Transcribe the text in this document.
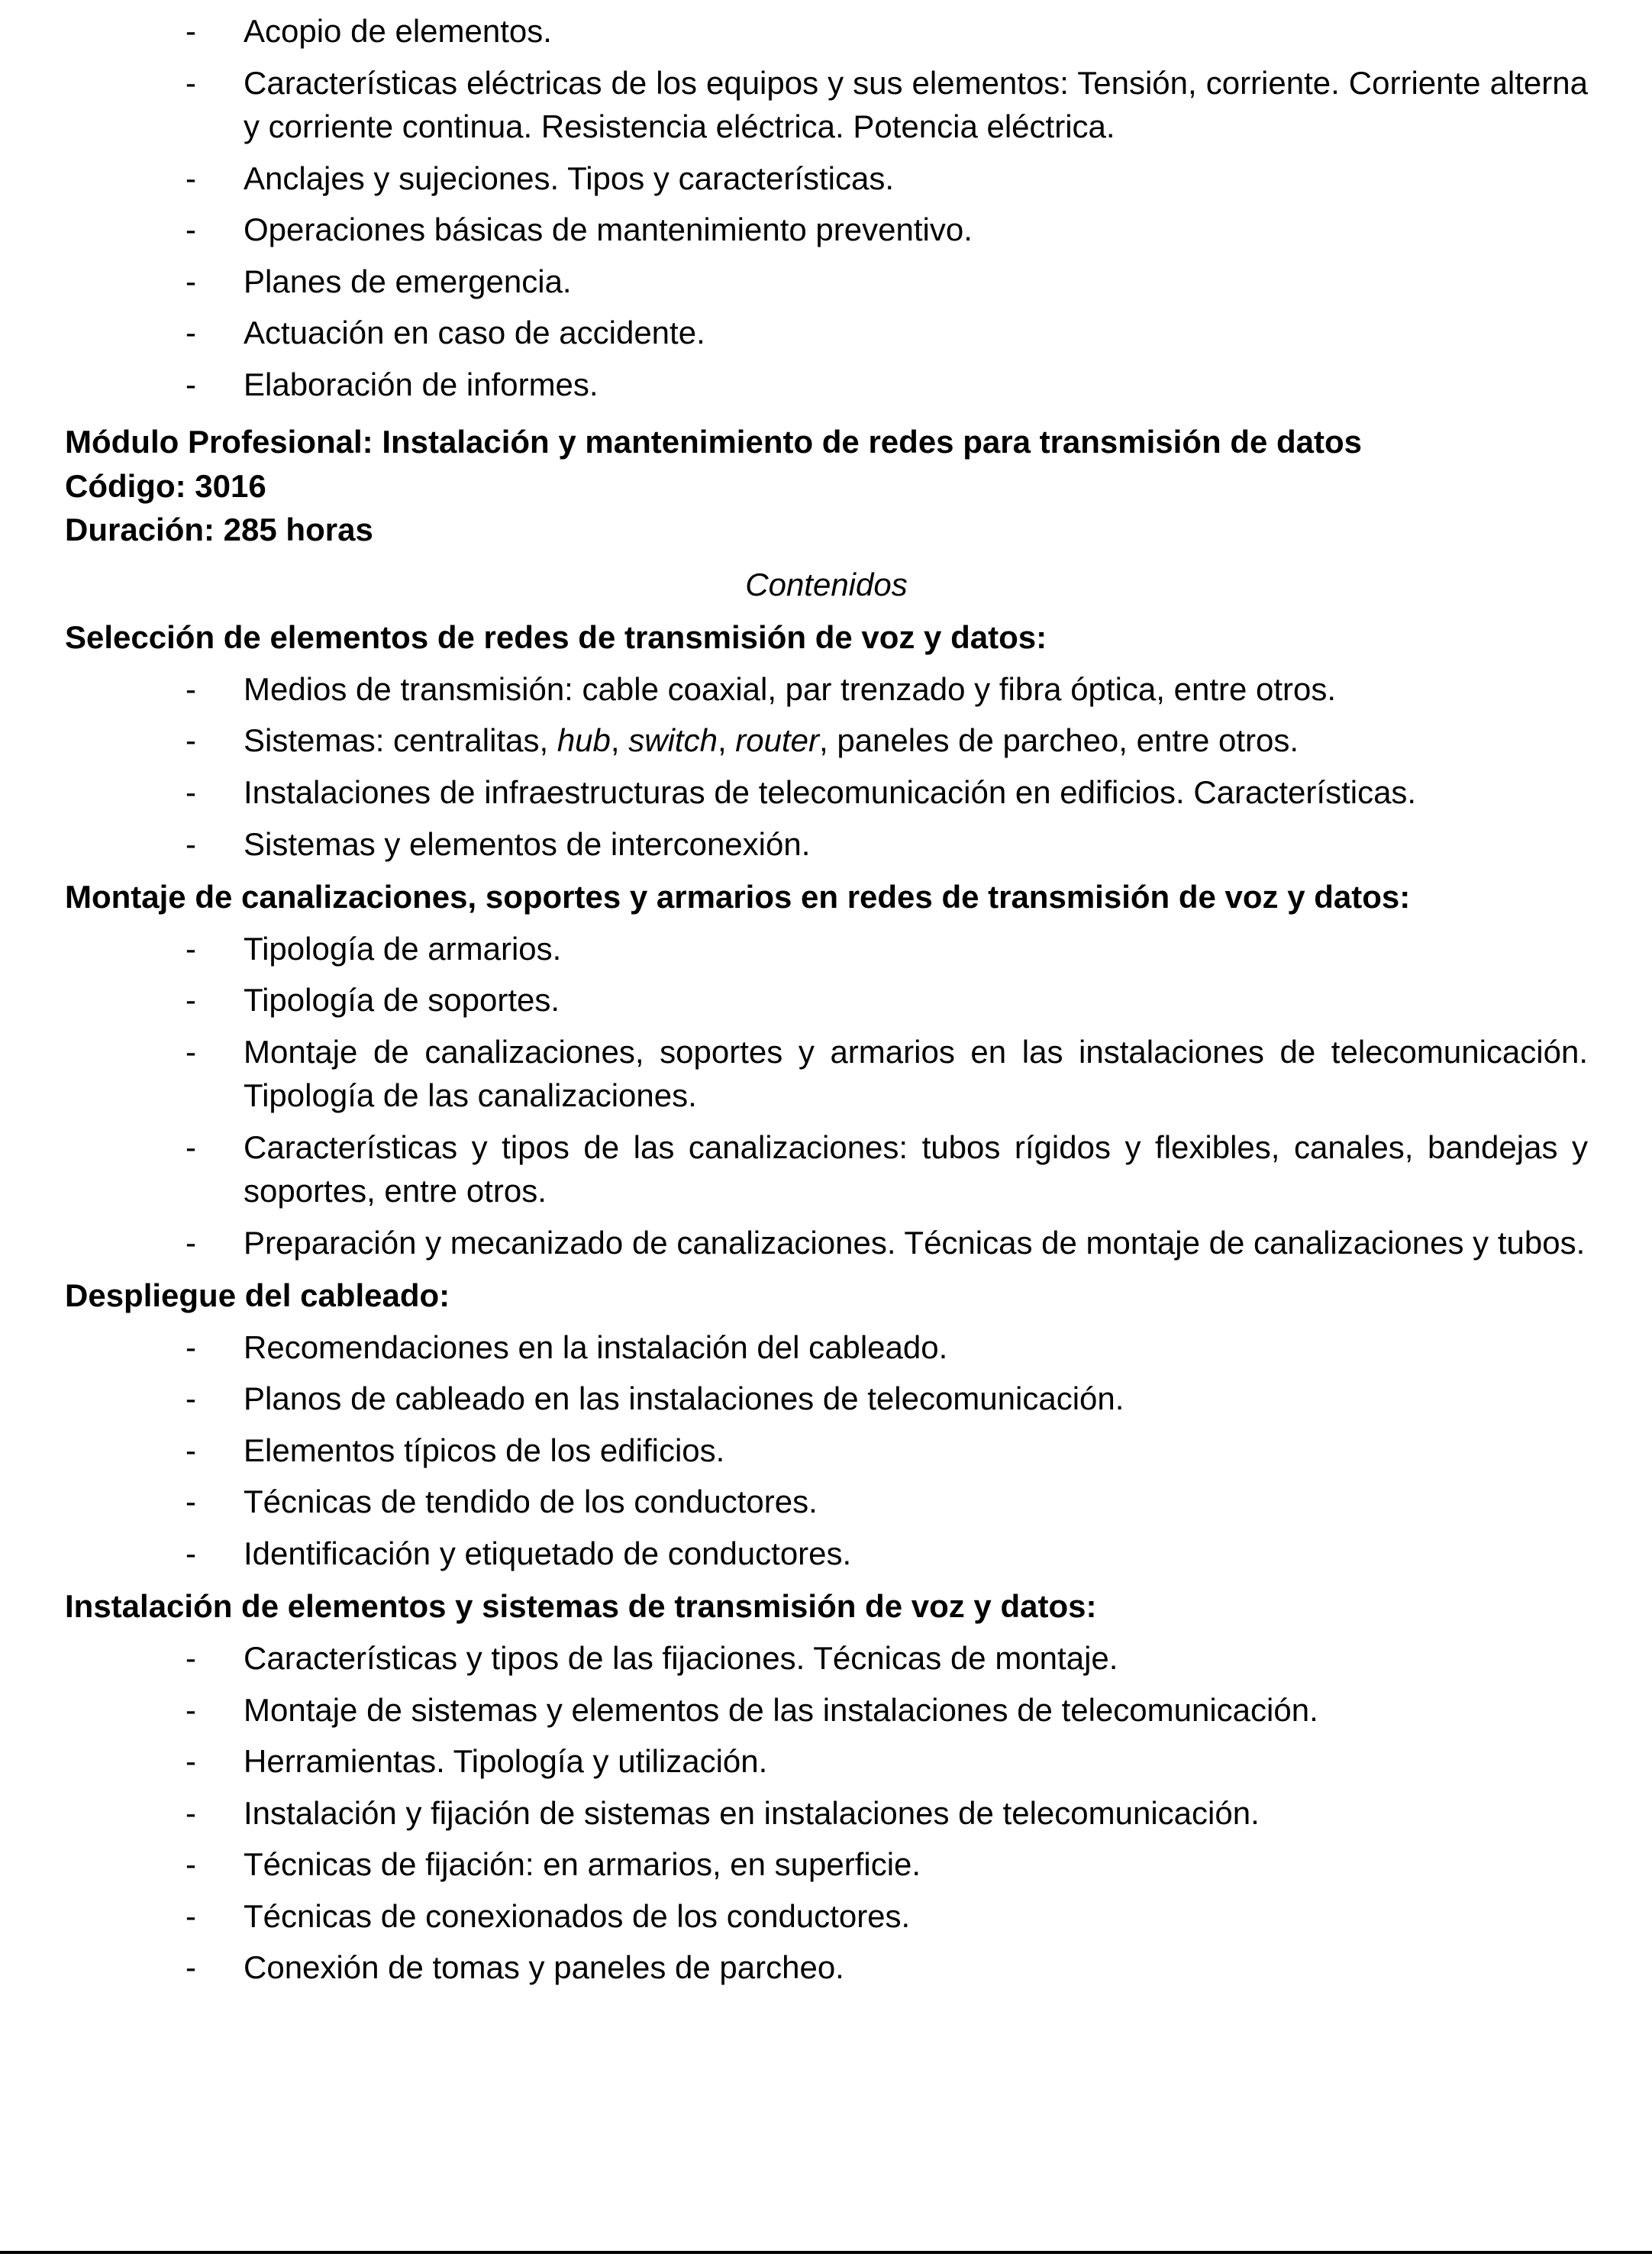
-	Acopio de elementos.
-	Características eléctricas de los equipos y sus elementos: Tensión, corriente. Corriente alterna y corriente continua. Resistencia eléctrica. Potencia eléctrica.
-	Anclajes y sujeciones. Tipos y características.
-	Operaciones básicas de mantenimiento preventivo.
-	Planes de emergencia.
-	Actuación en caso de accidente.
-	Elaboración de informes.
Módulo Profesional: Instalación y mantenimiento de redes para transmisión de datos
Código: 3016
Duración: 285 horas
Contenidos
Selección de elementos de redes de transmisión de voz y datos:
-	Medios de transmisión: cable coaxial, par trenzado y fibra óptica, entre otros.
-	Sistemas: centralitas, hub, switch, router, paneles de parcheo, entre otros.
-	Instalaciones de infraestructuras de telecomunicación en edificios. Características.
-	Sistemas y elementos de interconexión.
Montaje de canalizaciones, soportes y armarios en redes de transmisión de voz y datos:
-	Tipología de armarios.
-	Tipología de soportes.
-	Montaje de canalizaciones, soportes y armarios en las instalaciones de telecomunicación. Tipología de las canalizaciones.
-	Características y tipos de las canalizaciones: tubos rígidos y flexibles, canales, bandejas y soportes, entre otros.
-	Preparación y mecanizado de canalizaciones. Técnicas de montaje de canalizaciones y tubos.
Despliegue del cableado:
-	Recomendaciones en la instalación del cableado.
-	Planos de cableado en las instalaciones de telecomunicación.
-	Elementos típicos de los edificios.
-	Técnicas de tendido de los conductores.
-	Identificación y etiquetado de conductores.
Instalación de elementos y sistemas de transmisión de voz y datos:
-	Características y tipos de las fijaciones. Técnicas de montaje.
-	Montaje de sistemas y elementos de las instalaciones de telecomunicación.
-	Herramientas. Tipología y utilización.
-	Instalación y fijación de sistemas en instalaciones de telecomunicación.
-	Técnicas de fijación: en armarios, en superficie.
-	Técnicas de conexionados de los conductores.
-	Conexión de tomas y paneles de parcheo.
